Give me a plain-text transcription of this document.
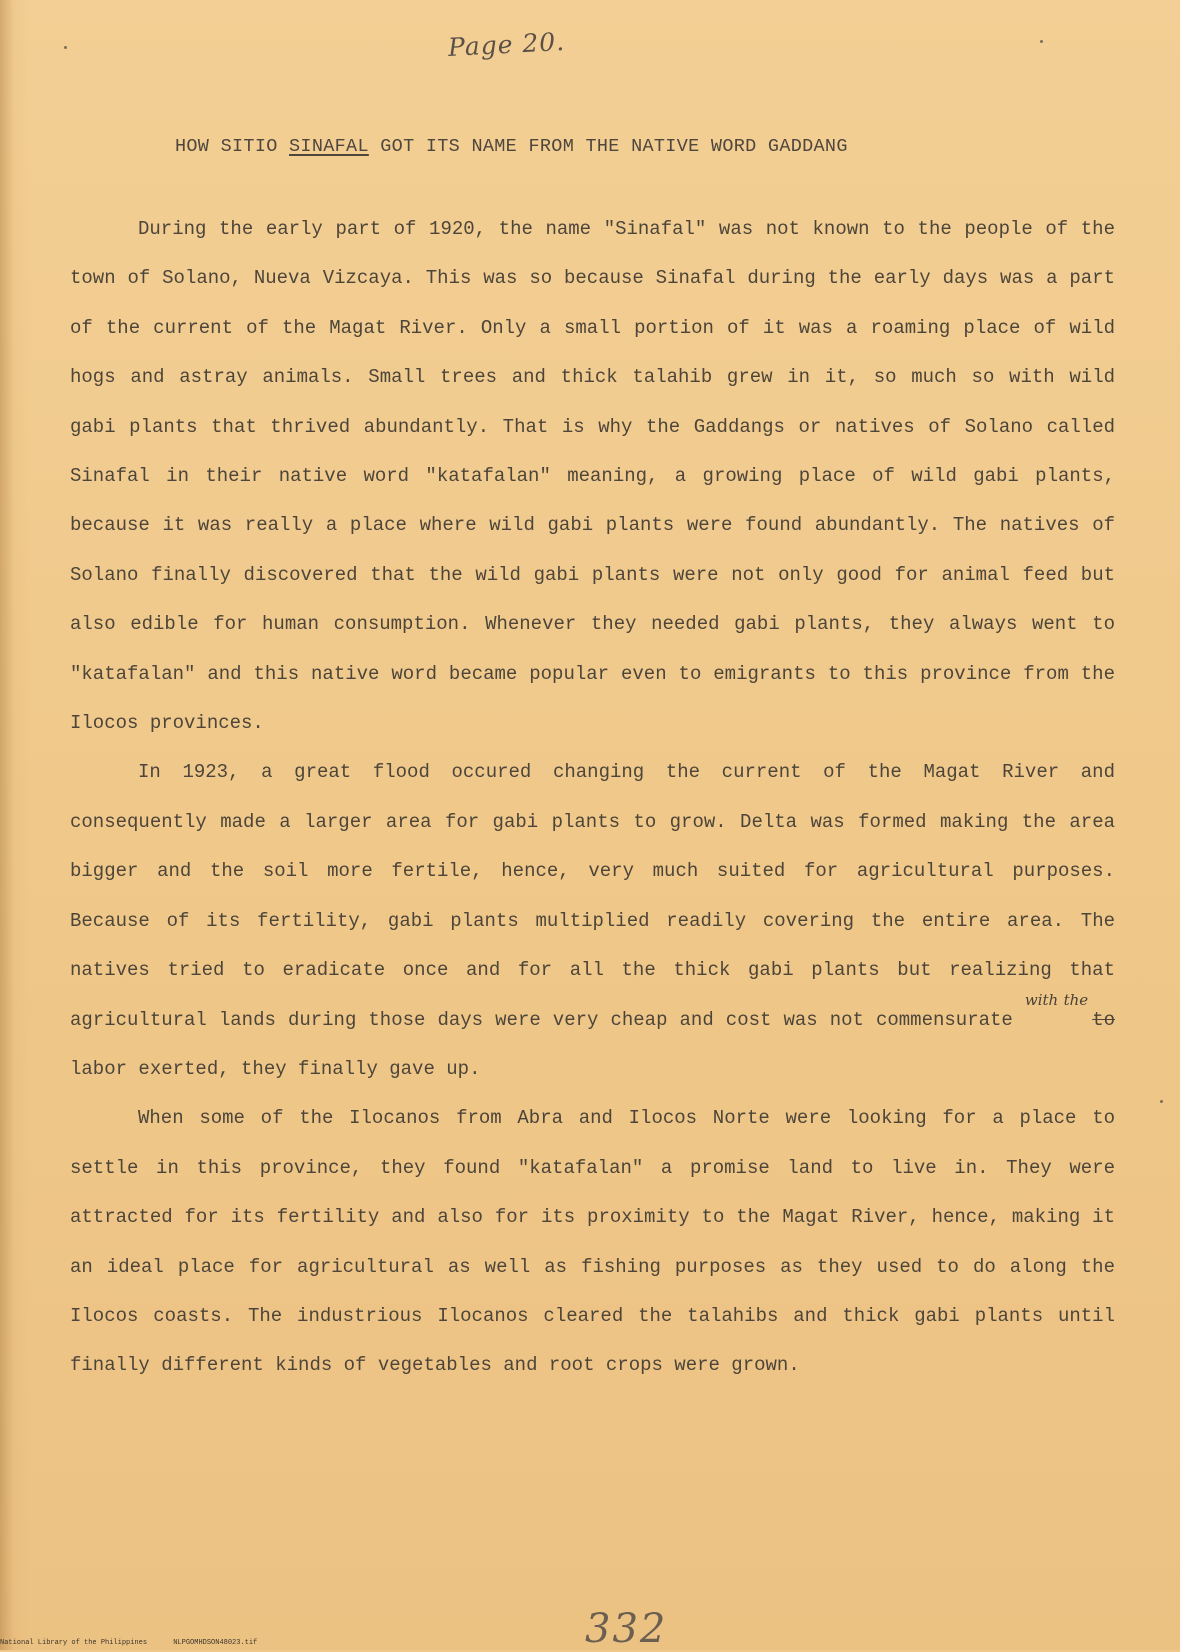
Page 20.
HOW SITIO SINAFAL GOT ITS NAME FROM THE NATIVE WORD GADDANG

During the early part of 1920, the name "Sinafal" was not known to the people of the town of Solano, Nueva Vizcaya. This was so because Sinafal during the early days was a part of the current of the Magat River. Only a small portion of it was a roaming place of wild hogs and astray animals. Small trees and thick talahib grew in it, so much so with wild gabi plants that thrived abundantly. That is why the Gaddangs or natives of Solano called Sinafal in their native word "katafalan" meaning, a growing place of wild gabi plants, because it was really a place where wild gabi plants were found abundantly. The natives of Solano finally discovered that the wild gabi plants were not only good for animal feed but also edible for human consumption. Whenever they needed gabi plants, they always went to "katafalan" and this native word became popular even to emigrants to this province from the Ilocos provinces.

In 1923, a great flood occured changing the current of the Magat River and consequently made a larger area for gabi plants to grow. Delta was formed making the area bigger and the soil more fertile, hence, very much suited for agricultural purposes. Because of its fertility, gabi plants multiplied readily covering the entire area. The natives tried to eradicate once and for all the thick gabi plants but realizing that agricultural lands during those days were very cheap and cost was not commensurate $^{with the}$to labor exerted, they finally gave up.

When some of the Ilocanos from Abra and Ilocos Norte were looking for a place to settle in this province, they found "katafalan" a promise land to live in. They were attracted for its fertility and also for its proximity to the Magat River, hence, making it an ideal place for agricultural as well as fishing purposes as they used to do along the Ilocos coasts. The industrious Ilocanos cleared the talahibs and thick gabi plants until finally different kinds of vegetables and root crops were grown.

332
National Library of the Philippines	NLPGOMHDSON48023.tif
